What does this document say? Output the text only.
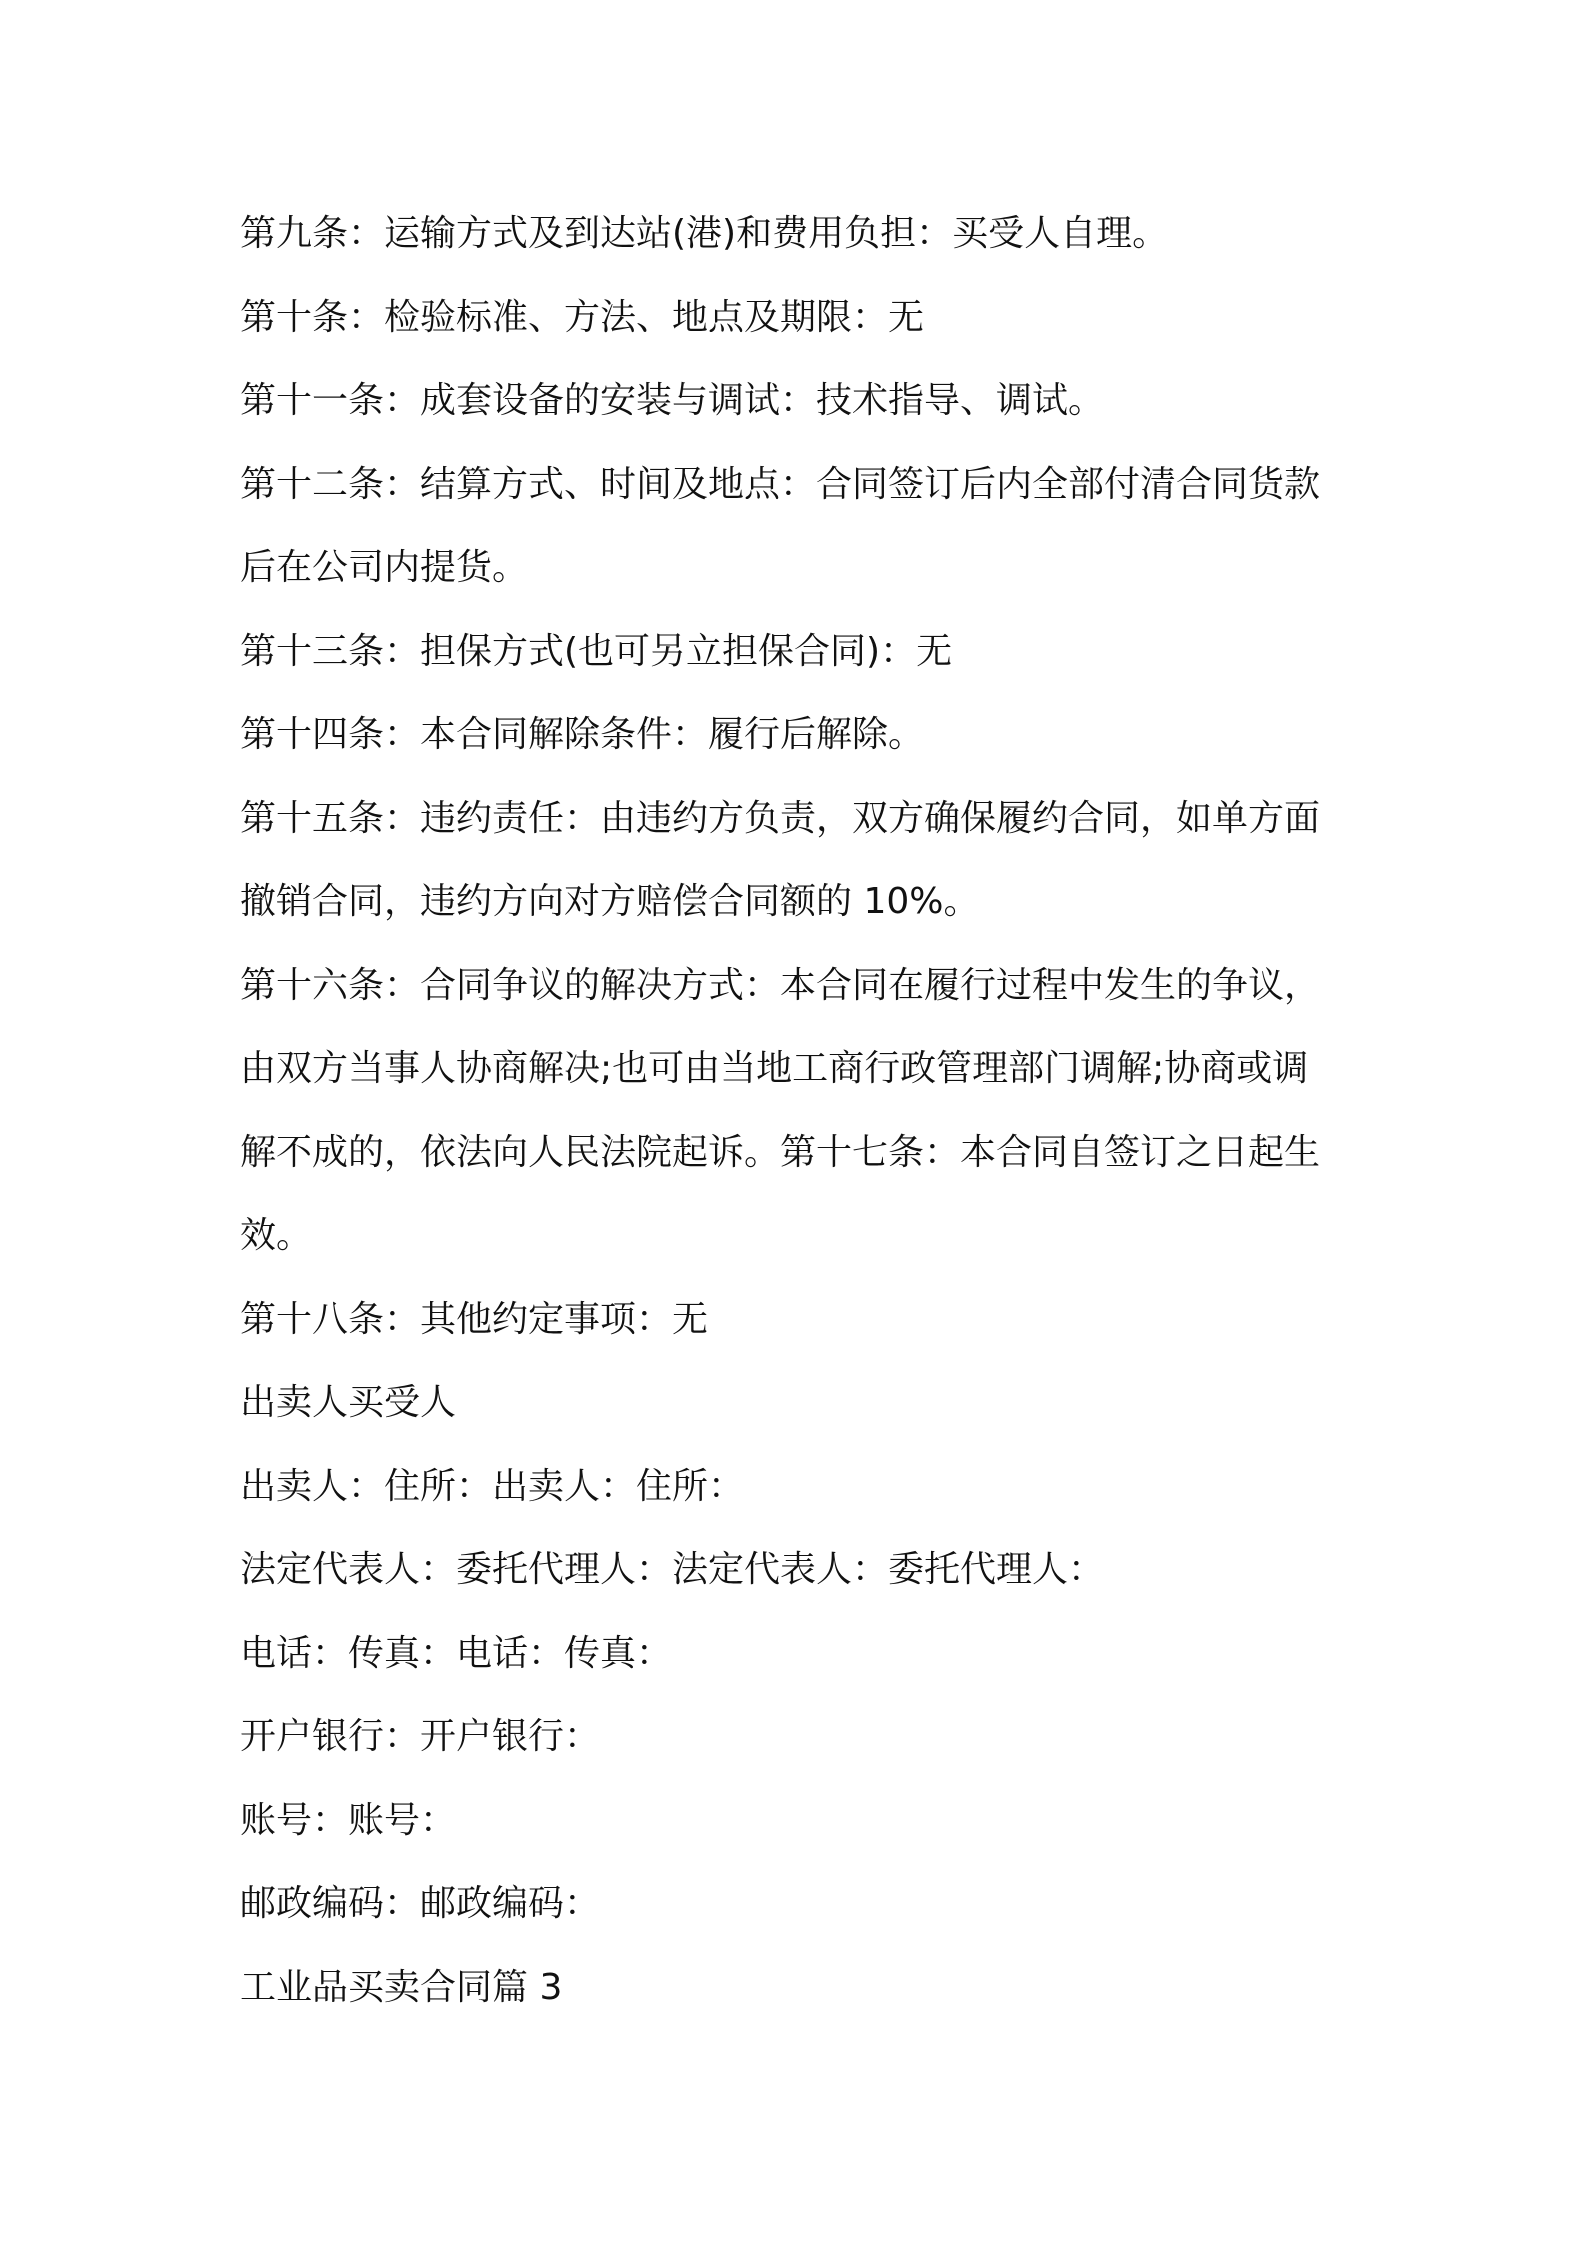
第九条：运输方式及到达站(港)和费用负担：买受人自理。

第十条：检验标准、方法、地点及期限：无

第十一条：成套设备的安装与调试：技术指导、调试。

第十二条：结算方式、时间及地点：合同签订后内全部付清合同货款

后在公司内提货。

第十三条：担保方式(也可另立担保合同)：无

第十四条：本合同解除条件：履行后解除。

第十五条：违约责任：由违约方负责，双方确保履约合同，如单方面

撤销合同，违约方向对方赔偿合同额的 10%。

第十六条：合同争议的解决方式：本合同在履行过程中发生的争议，

由双方当事人协商解决;也可由当地工商行政管理部门调解;协商或调

解不成的，依法向人民法院起诉。第十七条：本合同自签订之日起生

效。

第十八条：其他约定事项：无

出卖人买受人

出卖人：住所：出卖人：住所：

法定代表人：委托代理人：法定代表人：委托代理人：

电话：传真：电话：传真：

开户银行：开户银行：

账号：账号：

邮政编码：邮政编码：

工业品买卖合同篇 3
